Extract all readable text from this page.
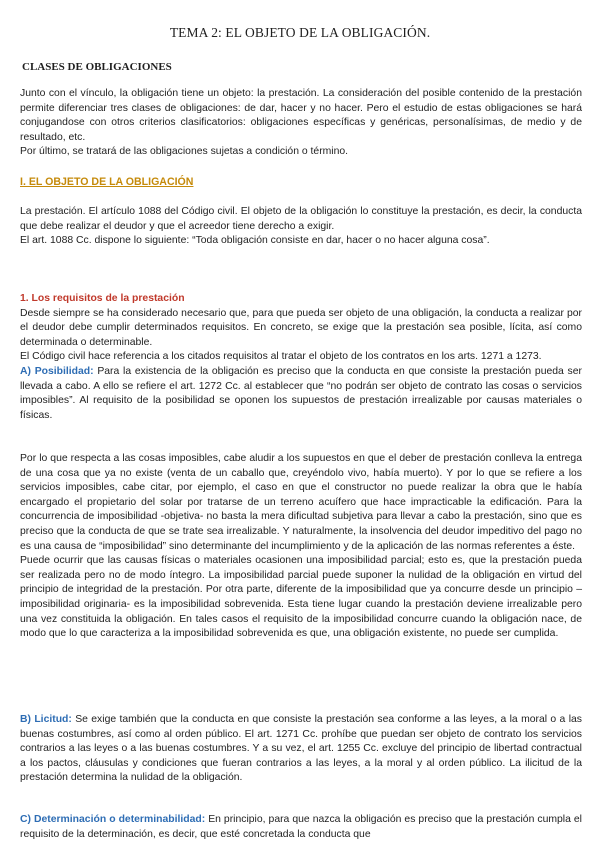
TEMA 2: EL OBJETO DE LA OBLIGACIÓN.
CLASES DE OBLIGACIONES

Junto con el vínculo, la obligación tiene un objeto: la prestación. La consideración del posible contenido de la prestación permite diferenciar tres clases de obligaciones: de dar, hacer y no hacer. Pero el estudio de estas obligaciones se hará conjugandose con otros criterios clasificatorios: obligaciones específicas y genéricas, personalísimas, de medio y de resultado, etc.

Por último, se tratará de las obligaciones sujetas a condición o término.

I. EL OBJETO DE LA OBLIGACIÓN

La prestación. El artículo 1088 del Código civil. El objeto de la obligación lo constituye la prestación, es decir, la conducta que debe realizar el deudor y que el acreedor tiene derecho a exigir.

El art. 1088 Cc. dispone lo siguiente: “Toda obligación consiste en dar, hacer o no hacer alguna cosa”.

1. Los requisitos de la prestación

Desde siempre se ha considerado necesario que, para que pueda ser objeto de una obligación, la conducta a realizar por el deudor debe cumplir determinados requisitos. En concreto, se exige que la prestación sea posible, lícita, así como determinada o determinable.

El Código civil hace referencia a los citados requisitos al tratar el objeto de los contratos en los arts. 1271 a 1273.

A) Posibilidad: Para la existencia de la obligación es preciso que la conducta en que consiste la prestación pueda ser llevada a cabo. A ello se refiere el art. 1272 Cc. al establecer que “no podrán ser objeto de contrato las cosas o servicios imposibles”. Al requisito de la posibilidad se oponen los supuestos de prestación irrealizable por causas materiales o físicas.

Por lo que respecta a las cosas imposibles, cabe aludir a los supuestos en que el deber de prestación conlleva la entrega de una cosa que ya no existe (venta de un caballo que, creyéndolo vivo, había muerto). Y por lo que se refiere a los servicios imposibles, cabe citar, por ejemplo, el caso en que el constructor no puede realizar la obra que le había encargado el propietario del solar por tratarse de un terreno acuífero que hace impracticable la edificación. Para la concurrencia de imposibilidad -objetiva- no basta la mera dificultad subjetiva para llevar a cabo la prestación, sino que es preciso que la conducta de que se trate sea irrealizable. Y naturalmente, la insolvencia del deudor impeditivo del pago no es una causa de “imposibilidad” sino determinante del incumplimiento y de la aplicación de las normas referentes a éste.

Puede ocurrir que las causas físicas o materiales ocasionen una imposibilidad parcial; esto es, que la prestación pueda ser realizada pero no de modo íntegro. La imposibilidad parcial puede suponer la nulidad de la obligación en virtud del principio de integridad de la prestación. Por otra parte, diferente de la imposibilidad que ya concurre desde un principio – imposibilidad originaria- es la imposibilidad sobrevenida. Esta tiene lugar cuando la prestación deviene irrealizable pero una vez constituida la obligación. En tales casos el requisito de la imposibilidad concurre cuando la obligación nace, de modo que lo que caracteriza a la imposibilidad sobrevenida es que, una obligación existente, no puede ser cumplida.

B) Licitud: Se exige también que la conducta en que consiste la prestación sea conforme a las leyes, a la moral o a las buenas costumbres, así como al orden público. El art. 1271 Cc. prohíbe que puedan ser objeto de contrato los servicios contrarios a las leyes o a las buenas costumbres. Y a su vez, el art. 1255 Cc. excluye del principio de libertad contractual a los pactos, cláusulas y condiciones que fueran contrarios a las leyes, a la moral y al orden público. La ilicitud de la prestación determina la nulidad de la obligación.

C) Determinación o determinabilidad: En principio, para que nazca la obligación es preciso que la prestación cumpla el requisito de la determinación, es decir, que esté concretada la conducta que
